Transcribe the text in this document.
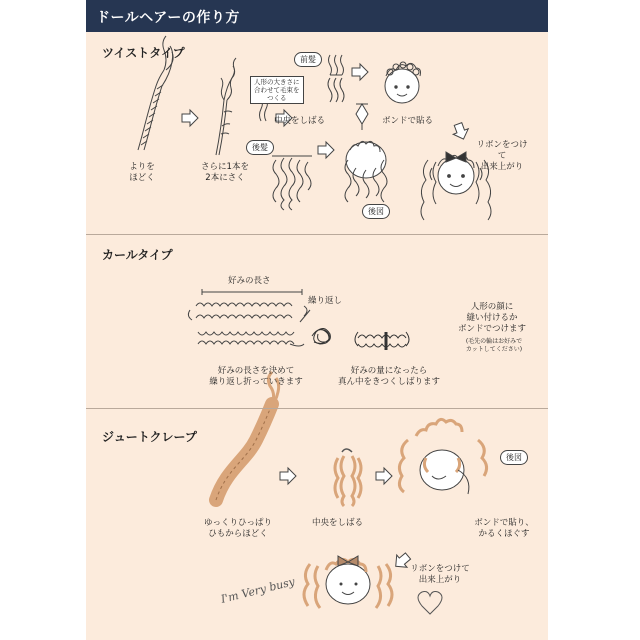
ドールヘアーの作り方
ツイストタイプ
よりを
ほどく
さらに1本を
2本にさく
前髪
人形の大きさに
合わせて毛束を
つくる
中央をしばる	ボンドで貼る
後髪
後図
リボンをつけて
出来上がり
カールタイプ
好みの長さ
繰り返し
好みの長さを決めて
繰り返し折っていきます
好みの量になったら
真ん中をきつくしばります
人形の顔に
縫い付けるか
ボンドでつけます
(毛先の輪はお好みで
カットしてください)
ジュートクレープ
ゆっくりひっぱり
ひもからほどく
中央をしばる
後図
ボンドで貼り、
かるくほぐす
リボンをつけて
出来上がり
I'm Very busy
